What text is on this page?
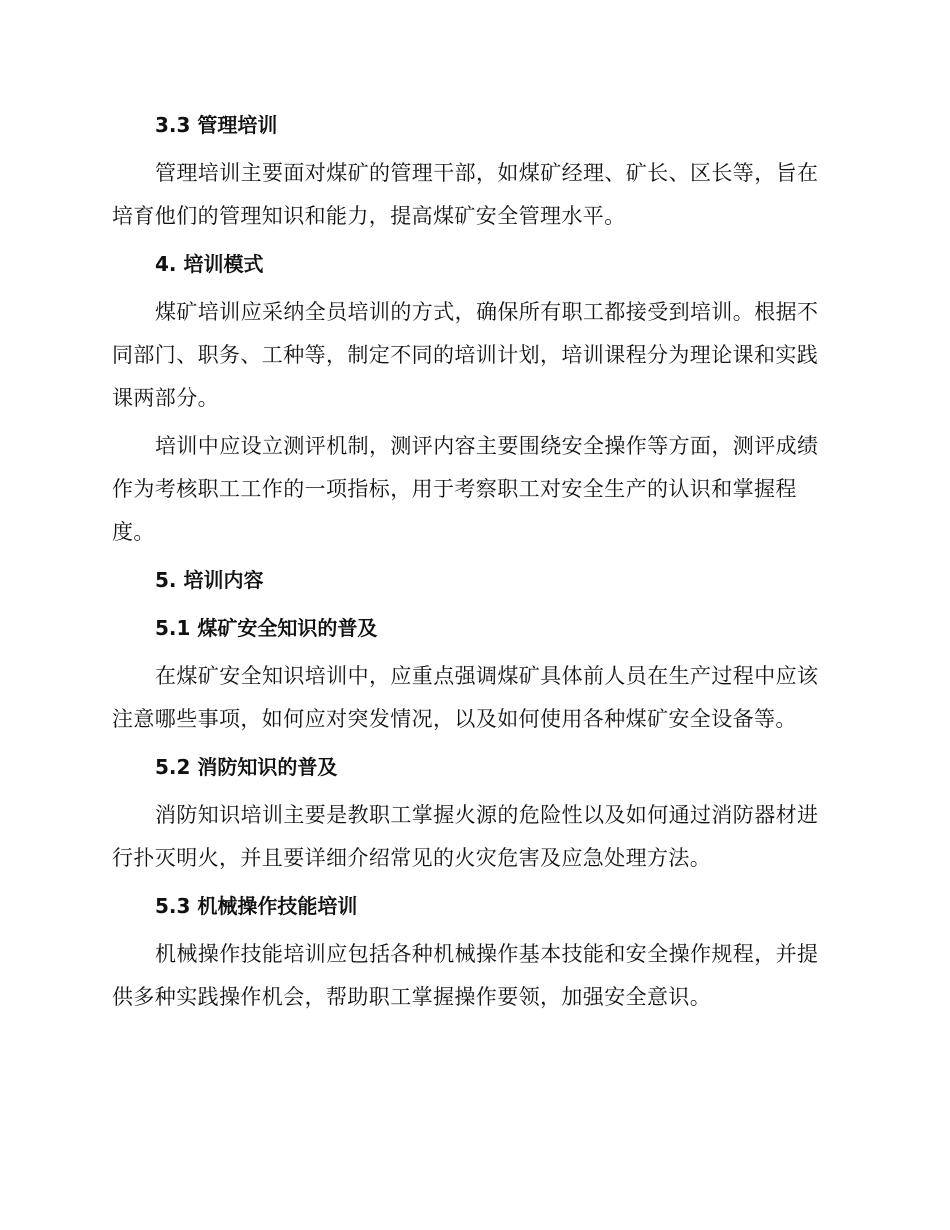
3.3 管理培训

管理培训主要面对煤矿的管理干部，如煤矿经理、矿长、区长等，旨在培育他们的管理知识和能力，提高煤矿安全管理水平。

4. 培训模式

煤矿培训应采纳全员培训的方式，确保所有职工都接受到培训。根据不同部门、职务、工种等，制定不同的培训计划，培训课程分为理论课和实践课两部分。

培训中应设立测评机制，测评内容主要围绕安全操作等方面，测评成绩作为考核职工工作的一项指标，用于考察职工对安全生产的认识和掌握程度。

5. 培训内容
5.1 煤矿安全知识的普及

在煤矿安全知识培训中，应重点强调煤矿具体前人员在生产过程中应该注意哪些事项，如何应对突发情况，以及如何使用各种煤矿安全设备等。

5.2 消防知识的普及

消防知识培训主要是教职工掌握火源的危险性以及如何通过消防器材进行扑灭明火，并且要详细介绍常见的火灾危害及应急处理方法。

5.3 机械操作技能培训

机械操作技能培训应包括各种机械操作基本技能和安全操作规程，并提供多种实践操作机会，帮助职工掌握操作要领，加强安全意识。
